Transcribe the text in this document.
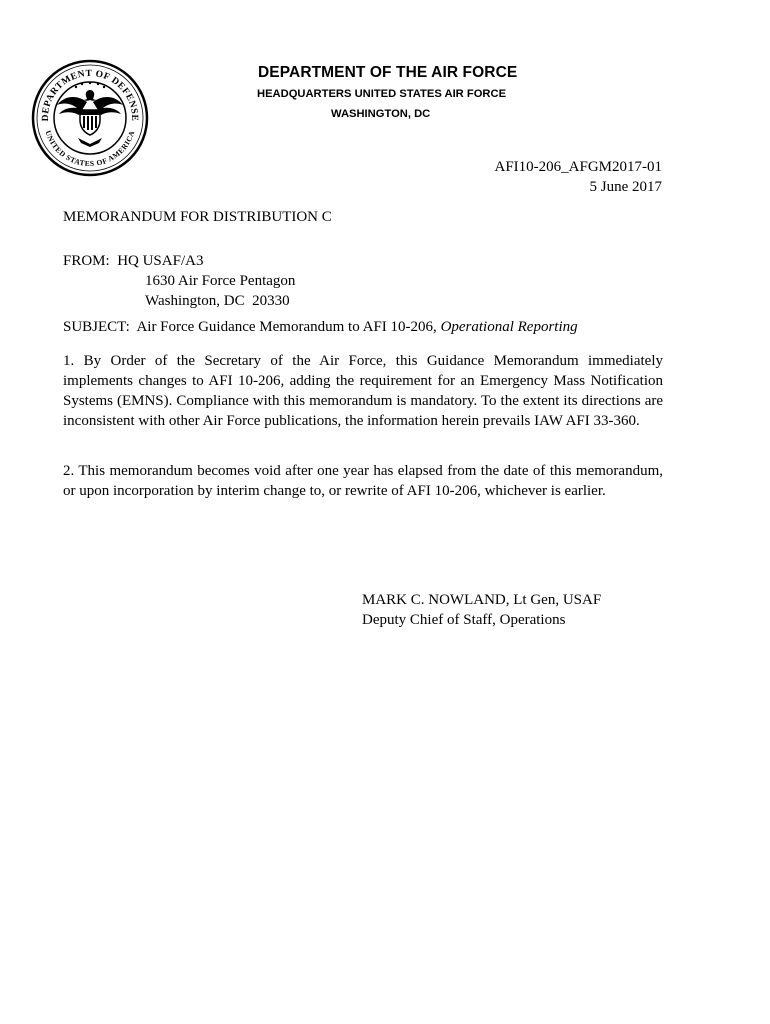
DEPARTMENT OF DEFENSE
UNITED STATES OF AMERICA
DEPARTMENT OF THE AIR FORCE
HEADQUARTERS UNITED STATES AIR FORCE
WASHINGTON, DC
AFI10-206_AFGM2017-01
5 June 2017
MEMORANDUM FOR DISTRIBUTION C
FROM:
HQ USAF/A3
1630 Air Force Pentagon
Washington, DC  20330
SUBJECT:  Air Force Guidance Memorandum to AFI 10-206, Operational Reporting
1. By Order of the Secretary of the Air Force, this Guidance Memorandum immediately implements changes to AFI 10-206, adding the requirement for an Emergency Mass Notification Systems (EMNS). Compliance with this memorandum is mandatory. To the extent its directions are inconsistent with other Air Force publications, the information herein prevails IAW AFI 33-360.
2. This memorandum becomes void after one year has elapsed from the date of this memorandum, or upon incorporation by interim change to, or rewrite of AFI 10-206, whichever is earlier.
MARK C. NOWLAND, Lt Gen, USAF
Deputy Chief of Staff, Operations
